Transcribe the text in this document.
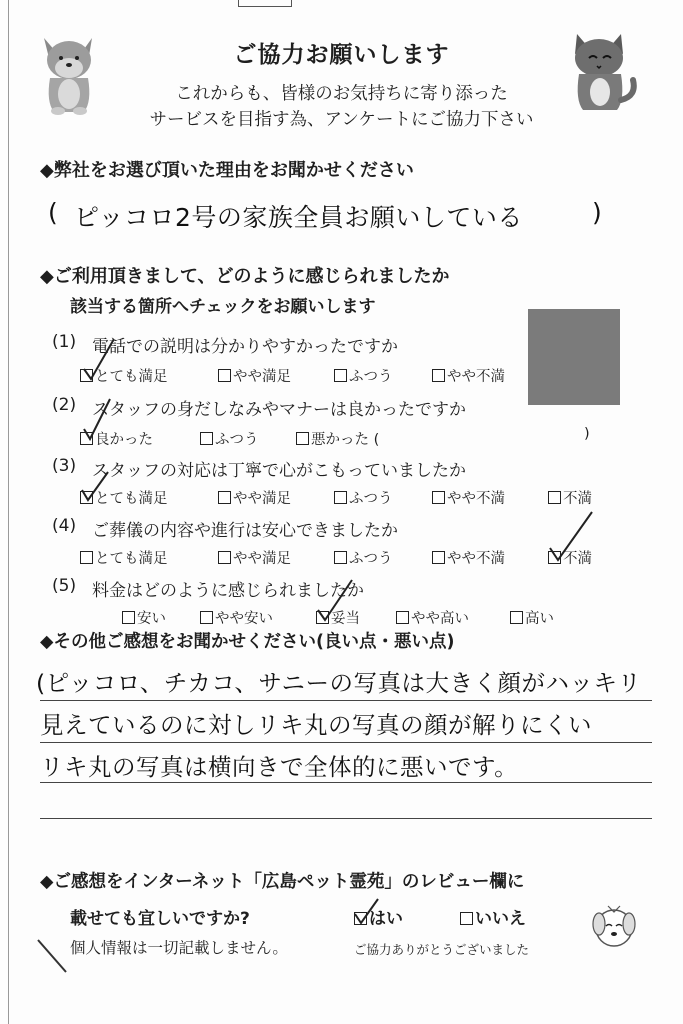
ご協力お願いします
これからも、皆様のお気持ちに寄り添った
サービスを目指す為、アンケートにご協力下さい
◆弊社をお選び頂いた理由をお聞かせください
( ピッコロ2号の家族全員お願いしている	)
◆ご利用頂きまして、どのように感じられましたか
該当する箇所へチェックをお願いします
(1) 電話での説明は分かりやすかったですか
とても満足	やや満足	ふつう	やや不満
(2) スタッフの身だしなみやマナーは良かったですか
良かった	ふつう	悪かった (	)
(3) スタッフの対応は丁寧で心がこもっていましたか
とても満足	やや満足	ふつう	やや不満	不満
(4) ご葬儀の内容や進行は安心できましたか
とても満足	やや満足	ふつう	やや不満	不満
(5) 料金はどのように感じられましたか
安い	やや安い	妥当	やや高い	高い
◆その他ご感想をお聞かせください(良い点・悪い点)
(ピッコロ、チカコ、サニーの写真は大きく顔がハッキリ
見えているのに対しリキ丸の写真の顔が解りにくい
リキ丸の写真は横向きで全体的に悪いです。
◆ご感想をインターネット「広島ペット霊苑」のレビュー欄に
載せても宜しいですか?	はい	いいえ
個人情報は一切記載しません。	ご協力ありがとうございました
